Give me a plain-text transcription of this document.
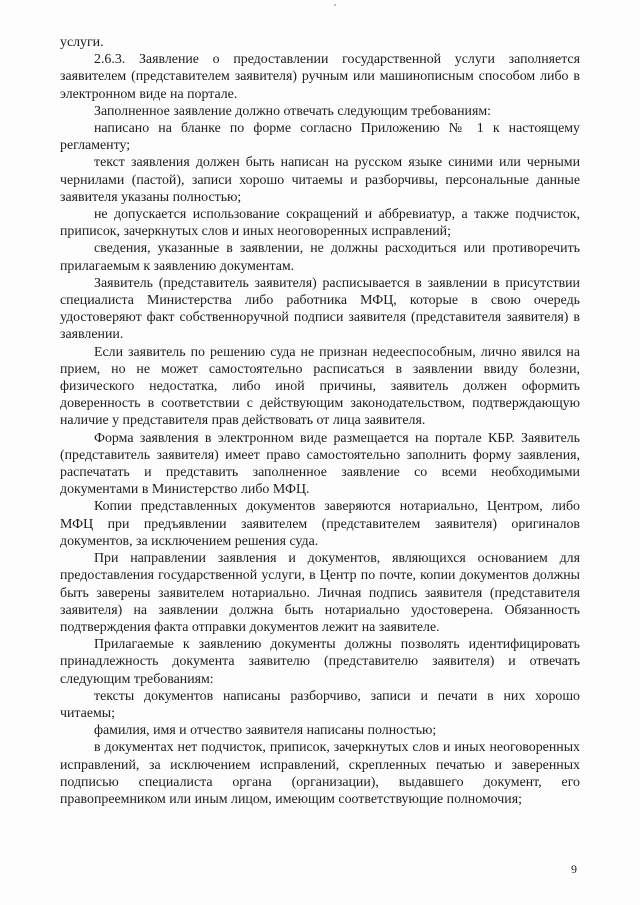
услуги.

2.6.3. Заявление о предоставлении государственной услуги заполняется заявителем (представителем заявителя) ручным или машинописным способом либо в электронном виде на портале.

Заполненное заявление должно отвечать следующим требованиям:

написано на бланке по форме согласно Приложению № 1 к настоящему регламенту;

текст заявления должен быть написан на русском языке синими или черными чернилами (пастой), записи хорошо читаемы и разборчивы, персональные данные заявителя указаны полностью;

не допускается использование сокращений и аббревиатур, а также подчисток, приписок, зачеркнутых слов и иных неоговоренных исправлений;

сведения, указанные в заявлении, не должны расходиться или противоречить прилагаемым к заявлению документам.

Заявитель (представитель заявителя) расписывается в заявлении в присутствии специалиста Министерства либо работника МФЦ, которые в свою очередь удостоверяют факт собственноручной подписи заявителя (представителя заявителя) в заявлении.

Если заявитель по решению суда не признан недееспособным, лично явился на прием, но не может самостоятельно расписаться в заявлении ввиду болезни, физического недостатка, либо иной причины, заявитель должен оформить доверенность в соответствии с действующим законодательством, подтверждающую наличие у представителя прав действовать от лица заявителя.

Форма заявления в электронном виде размещается на портале КБР. Заявитель (представитель заявителя) имеет право самостоятельно заполнить форму заявления, распечатать и представить заполненное заявление со всеми необходимыми документами в Министерство либо МФЦ.

Копии представленных документов заверяются нотариально, Центром, либо МФЦ при предъявлении заявителем (представителем заявителя) оригиналов документов, за исключением решения суда.

При направлении заявления и документов, являющихся основанием для предоставления государственной услуги, в Центр по почте, копии документов должны быть заверены заявителем нотариально. Личная подпись заявителя (представителя заявителя) на заявлении должна быть нотариально удостоверена. Обязанность подтверждения факта отправки документов лежит на заявителе.

Прилагаемые к заявлению документы должны позволять идентифицировать принадлежность документа заявителю (представителю заявителя) и отвечать следующим требованиям:

тексты документов написаны разборчиво, записи и печати в них хорошо читаемы;

фамилия, имя и отчество заявителя написаны полностью;

в документах нет подчисток, приписок, зачеркнутых слов и иных неоговоренных исправлений, за исключением исправлений, скрепленных печатью и заверенных подписью специалиста органа (организации), выдавшего документ, его правопреемником или иным лицом, имеющим соответствующие полномочия;

9
